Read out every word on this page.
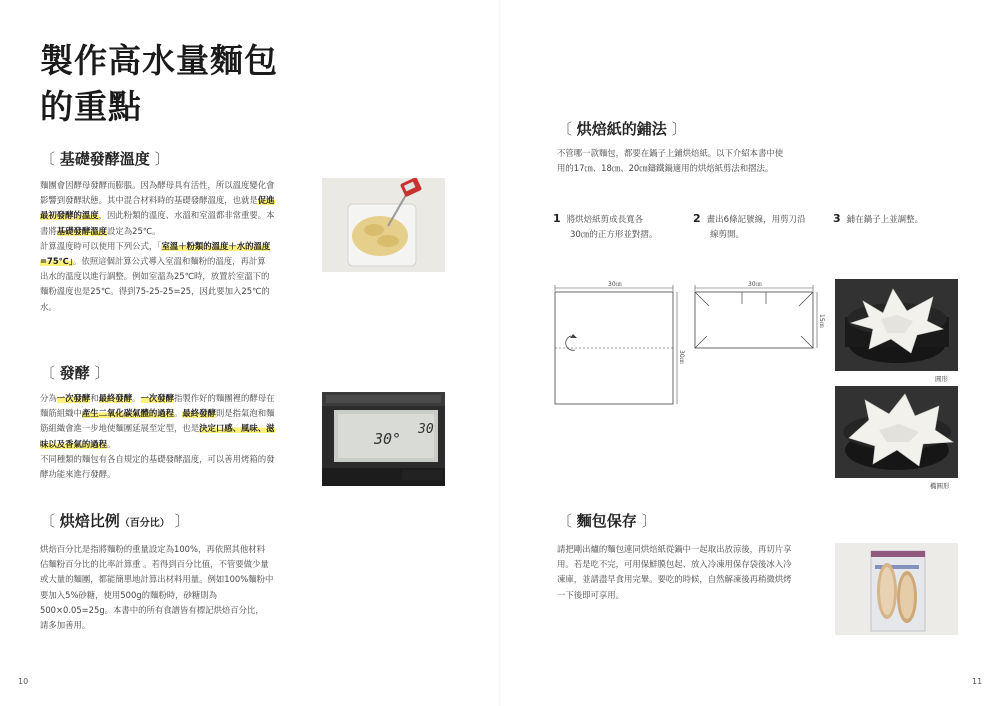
製作高水量麵包
的重點
〔 基礎發酵溫度 〕

麵團會因酵母發酵而膨脹。因為酵母具有活性，所以溫度變化會

影響到發酵狀態。其中混合材料時的基礎發酵溫度，也就是促進

最初發酵的溫度，因此粉類的溫度、水溫和室溫都非常重要。本

書將基礎發酵溫度設定為25℃。

計算溫度時可以使用下列公式，「室溫＋粉類的溫度＋水的溫度

=75℃」。依照這個計算公式導入室溫和麵粉的溫度，再計算

出水的溫度以進行調整。例如室溫為25℃時，放置於室溫下的

麵粉溫度也是25℃。得到75-25-25=25，因此要加入25℃的

水。

〔 發酵 〕

分為一次發酵和最終發酵。一次發酵指製作好的麵團裡的酵母在

麵筋組織中產生二氧化碳氣體的過程。最終發酵則是指氣泡和麵

筋組織會進一步地使麵團延展至定型，也是決定口感、風味、滋

味以及香氣的過程。

不同種類的麵包有各自規定的基礎發酵溫度，可以善用烤箱的發

酵功能來進行發酵。

30°
30
〔 烘焙比例（百分比） 〕

烘焙百分比是指將麵粉的重量設定為100%，再依照其他材料

佔麵粉百分比的比率計算重 。若得到百分比值，不管要做少量

或大量的麵團，都能簡單地計算出材料用量。例如100%麵粉中

要加入5%砂糖，使用500g的麵粉時，砂糖則為

500×0.05=25g。本書中的所有食譜皆有標記烘焙百分比，

請多加善用。

10
〔 烘焙紙的鋪法 〕

不管哪一款麵包，都要在鍋子上鋪烘焙紙。以下介紹本書中使

用的17㎝、18㎝、20㎝鑄鐵鍋適用的烘焙紙剪法和摺法。

1 將烘焙紙剪成長寬各
30㎝的正方形並對摺。
2 畫出6條記號線，用剪刀沿
線剪開。
3 鋪在鍋子上並調整。
30㎝
30㎝
30㎝
15㎝
圓形
橢圓形
〔 麵包保存 〕

請把剛出爐的麵包連同烘焙紙從鍋中一起取出放涼後，再切片享

用。若是吃不完，可用保鮮膜包起、放入冷凍用保存袋後冰入冷

凍庫，並請盡早食用完畢。要吃的時候，自然解凍後再稍微烘烤

一下後即可享用。

11
